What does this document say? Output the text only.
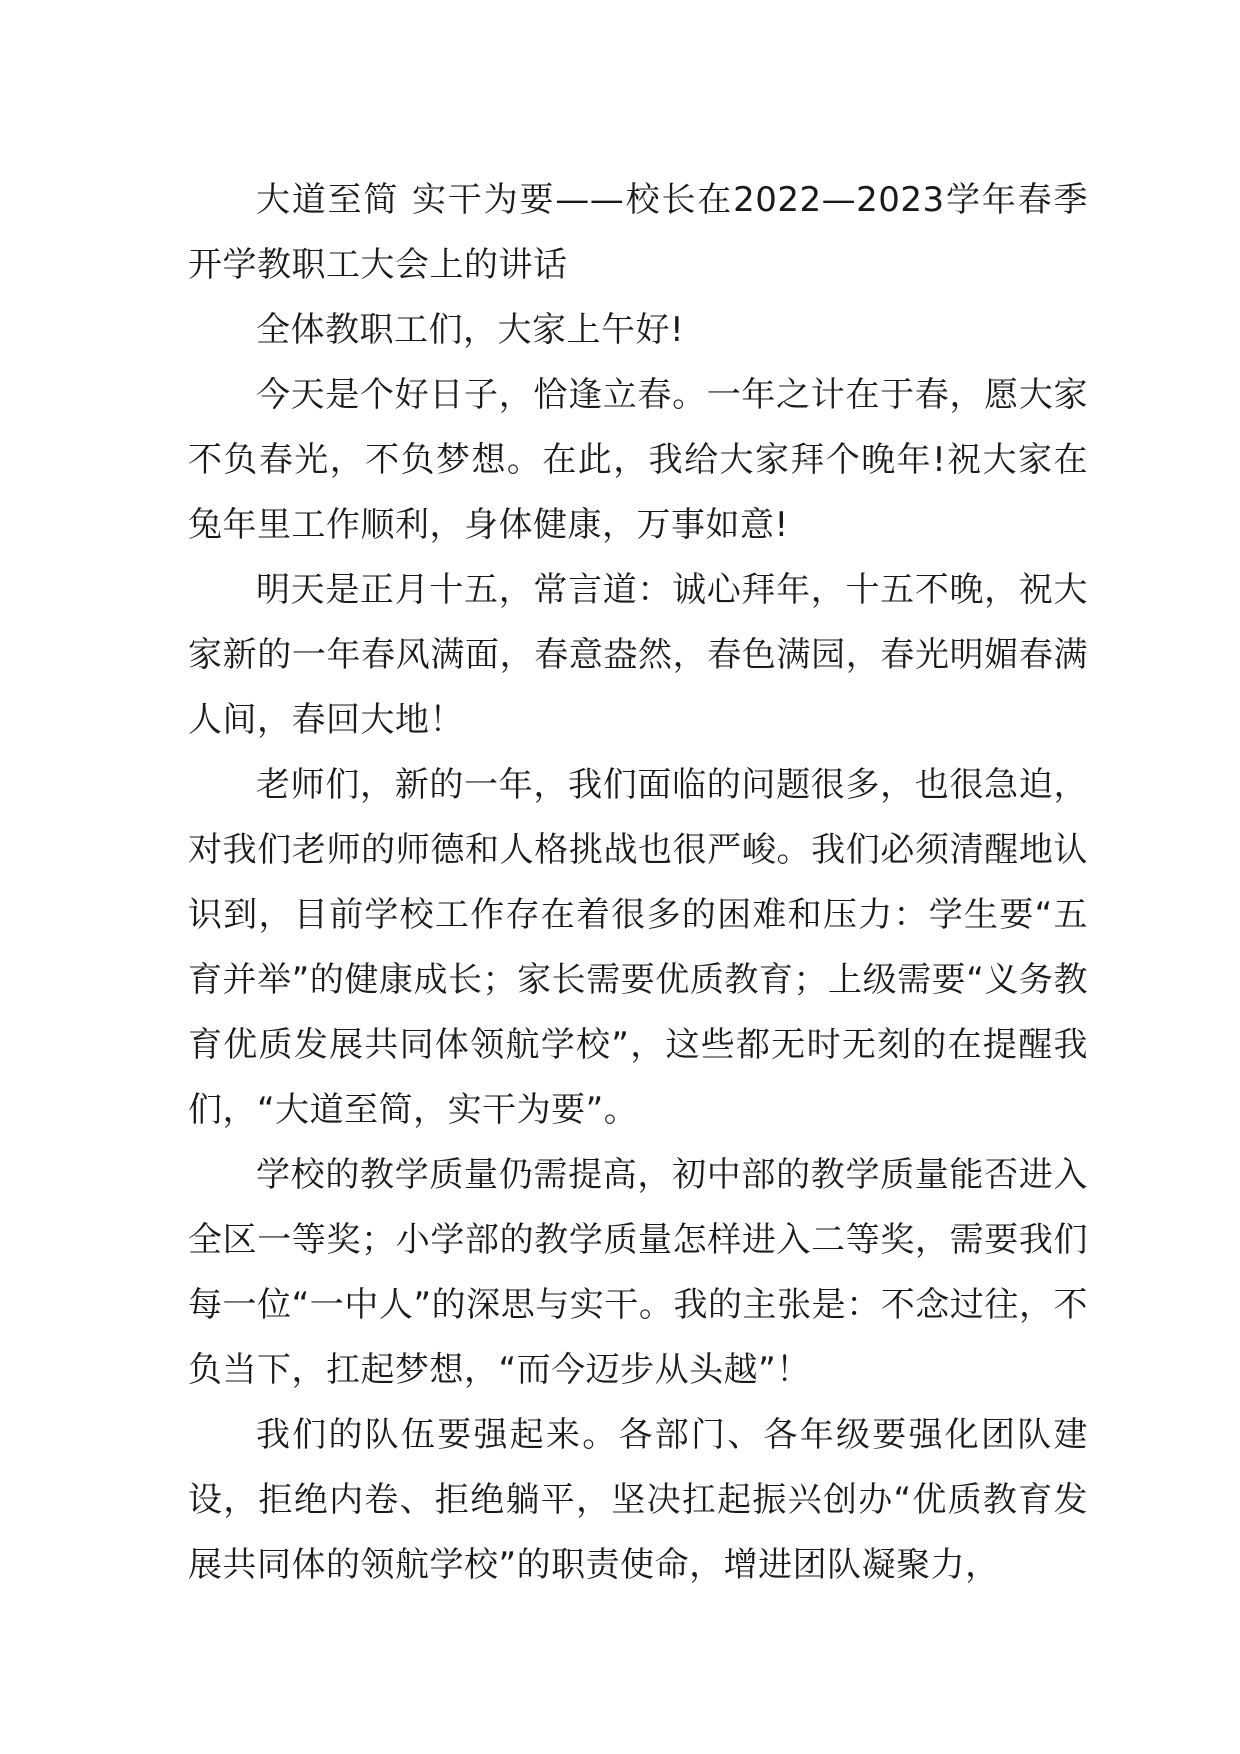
大道至简 实干为要——校长在2022—2023学年春季开学教职工大会上的讲话

全体教职工们，大家上午好!

今天是个好日子，恰逢立春。一年之计在于春，愿大家不负春光，不负梦想。在此，我给大家拜个晚年!祝大家在兔年里工作顺利，身体健康，万事如意!

明天是正月十五，常言道：诚心拜年，十五不晚，祝大家新的一年春风满面，春意盎然，春色满园，春光明媚春满人间，春回大地！

老师们，新的一年，我们面临的问题很多，也很急迫，对我们老师的师德和人格挑战也很严峻。我们必须清醒地认识到，目前学校工作存在着很多的困难和压力：学生要“五育并举”的健康成长；家长需要优质教育；上级需要“义务教育优质发展共同体领航学校”，这些都无时无刻的在提醒我们，“大道至简，实干为要”。

学校的教学质量仍需提高，初中部的教学质量能否进入全区一等奖；小学部的教学质量怎样进入二等奖，需要我们每一位“一中人”的深思与实干。我的主张是：不念过往，不负当下，扛起梦想，“而今迈步从头越”！

我们的队伍要强起来。各部门、各年级要强化团队建设，拒绝内卷、拒绝躺平，坚决扛起振兴创办“优质教育发展共同体的领航学校”的职责使命，增进团队凝聚力，
